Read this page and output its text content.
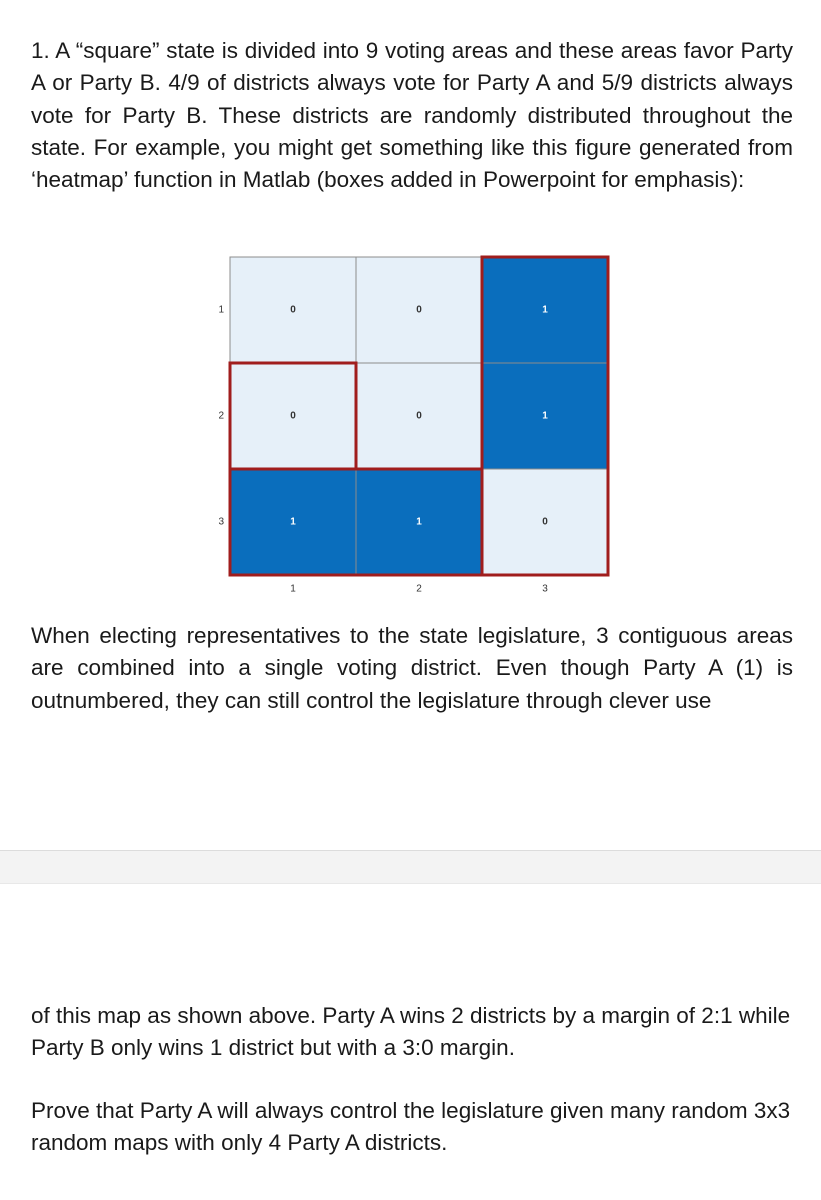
1. A “square” state is divided into 9 voting areas and these areas favor Party A or Party B. 4/9 of districts always vote for Party A and 5/9 districts always vote for Party B. These districts are randomly distributed throughout the state. For example, you might get something like this figure generated from ‘heatmap’ function in Matlab (boxes added in Powerpoint for emphasis):

0	0	1
0	0	1
1	1	0
1
2
3
1	2	3

When electing representatives to the state legislature, 3 contiguous areas are combined into a single voting district. Even though Party A (1) is outnumbered, they can still control the legislature through clever use

of this map as shown above. Party A wins 2 districts by a margin of 2:1 while Party B only wins 1 district but with a 3:0 margin.

Prove that Party A will always control the legislature given many random 3x3 random maps with only 4 Party A districts.
